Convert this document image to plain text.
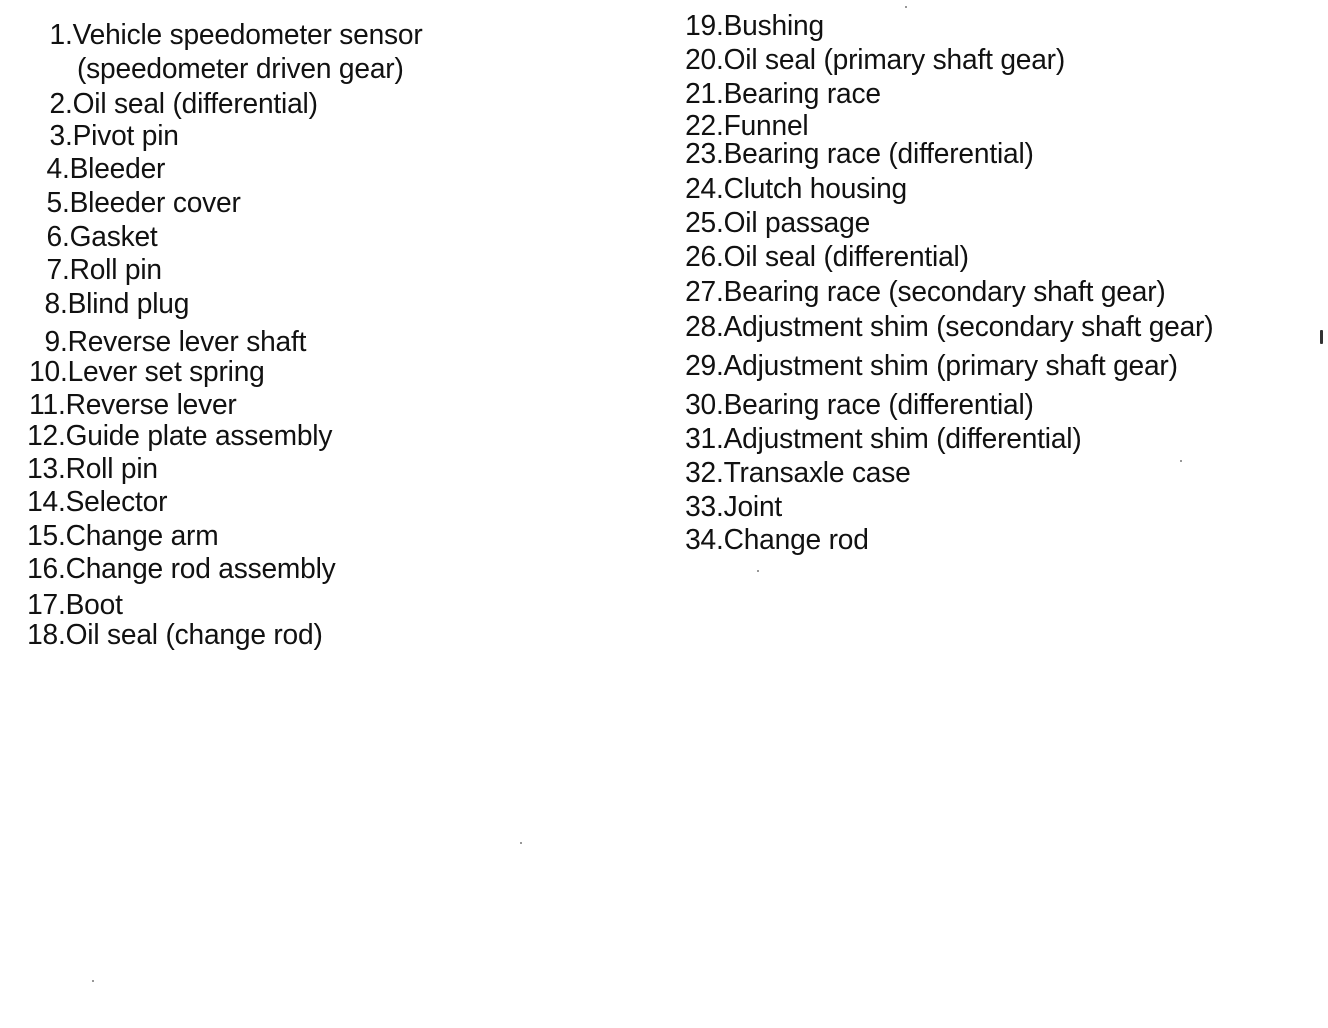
1.Vehicle speedometer sensor
(speedometer driven gear)
2.Oil seal (differential)
3.Pivot pin
4.Bleeder
5.Bleeder cover
6.Gasket
7.Roll pin
8.Blind plug
9.Reverse lever shaft
10.Lever set spring
11.Reverse lever
12.Guide plate assembly
13.Roll pin
14.Selector
15.Change arm
16.Change rod assembly
17.Boot
18.Oil seal (change rod)
19.Bushing
20.Oil seal (primary shaft gear)
21.Bearing race
22.Funnel
23.Bearing race (differential)
24.Clutch housing
25.Oil passage
26.Oil seal (differential)
27.Bearing race (secondary shaft gear)
28.Adjustment shim (secondary shaft gear)
29.Adjustment shim (primary shaft gear)
30.Bearing race (differential)
31.Adjustment shim (differential)
32.Transaxle case
33.Joint
34.Change rod
